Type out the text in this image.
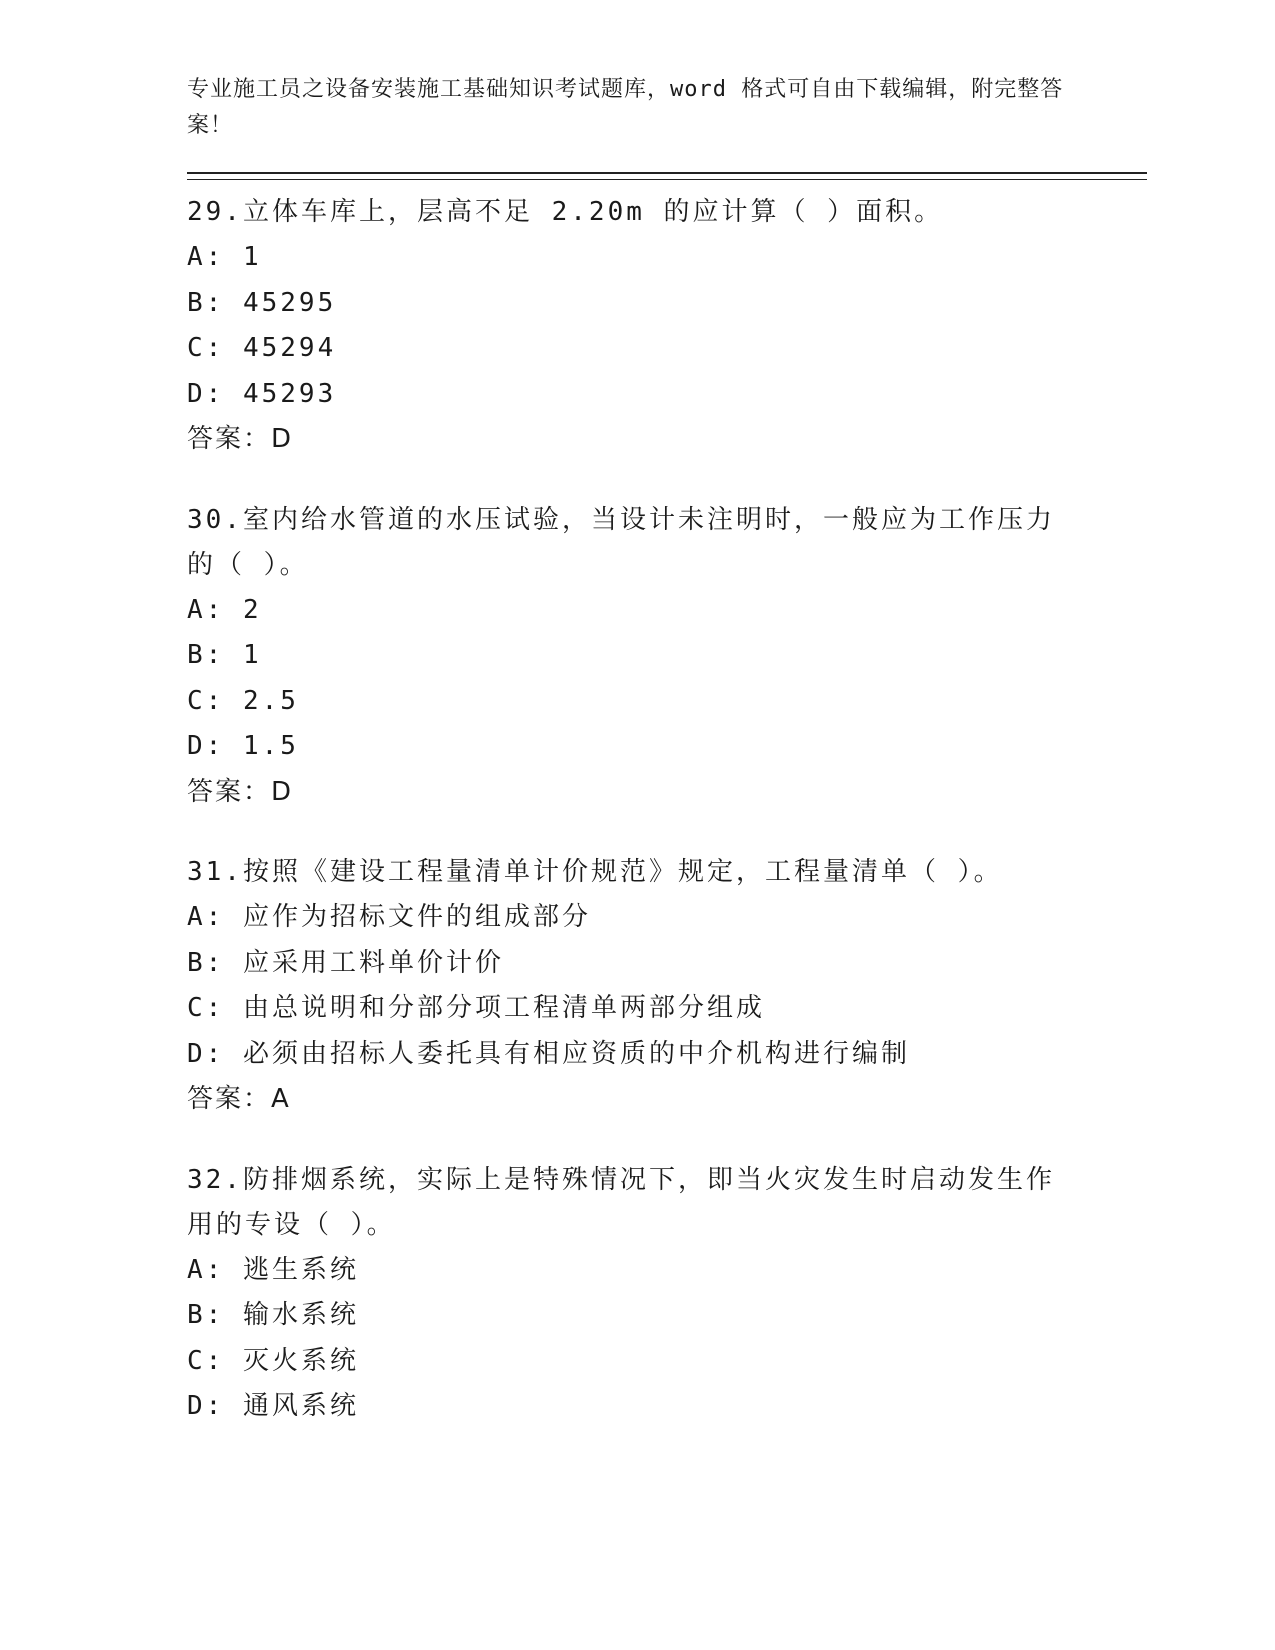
专业施工员之设备安装施工基础知识考试题库，word 格式可自由下载编辑，附完整答案！

29.立体车库上，层高不足 2.20m 的应计算（ ）面积。

A: 1

B: 45295

C: 45294

D: 45293

答案：D

30.室内给水管道的水压试验，当设计未注明时，一般应为工作压力的（ ）。

A: 2

B: 1

C: 2.5

D: 1.5

答案：D

31.按照《建设工程量清单计价规范》规定，工程量清单（ ）。

A: 应作为招标文件的组成部分

B: 应采用工料单价计价

C: 由总说明和分部分项工程清单两部分组成

D: 必须由招标人委托具有相应资质的中介机构进行编制

答案：A

32.防排烟系统，实际上是特殊情况下，即当火灾发生时启动发生作用的专设（ ）。

A: 逃生系统

B: 输水系统

C: 灭火系统

D: 通风系统
